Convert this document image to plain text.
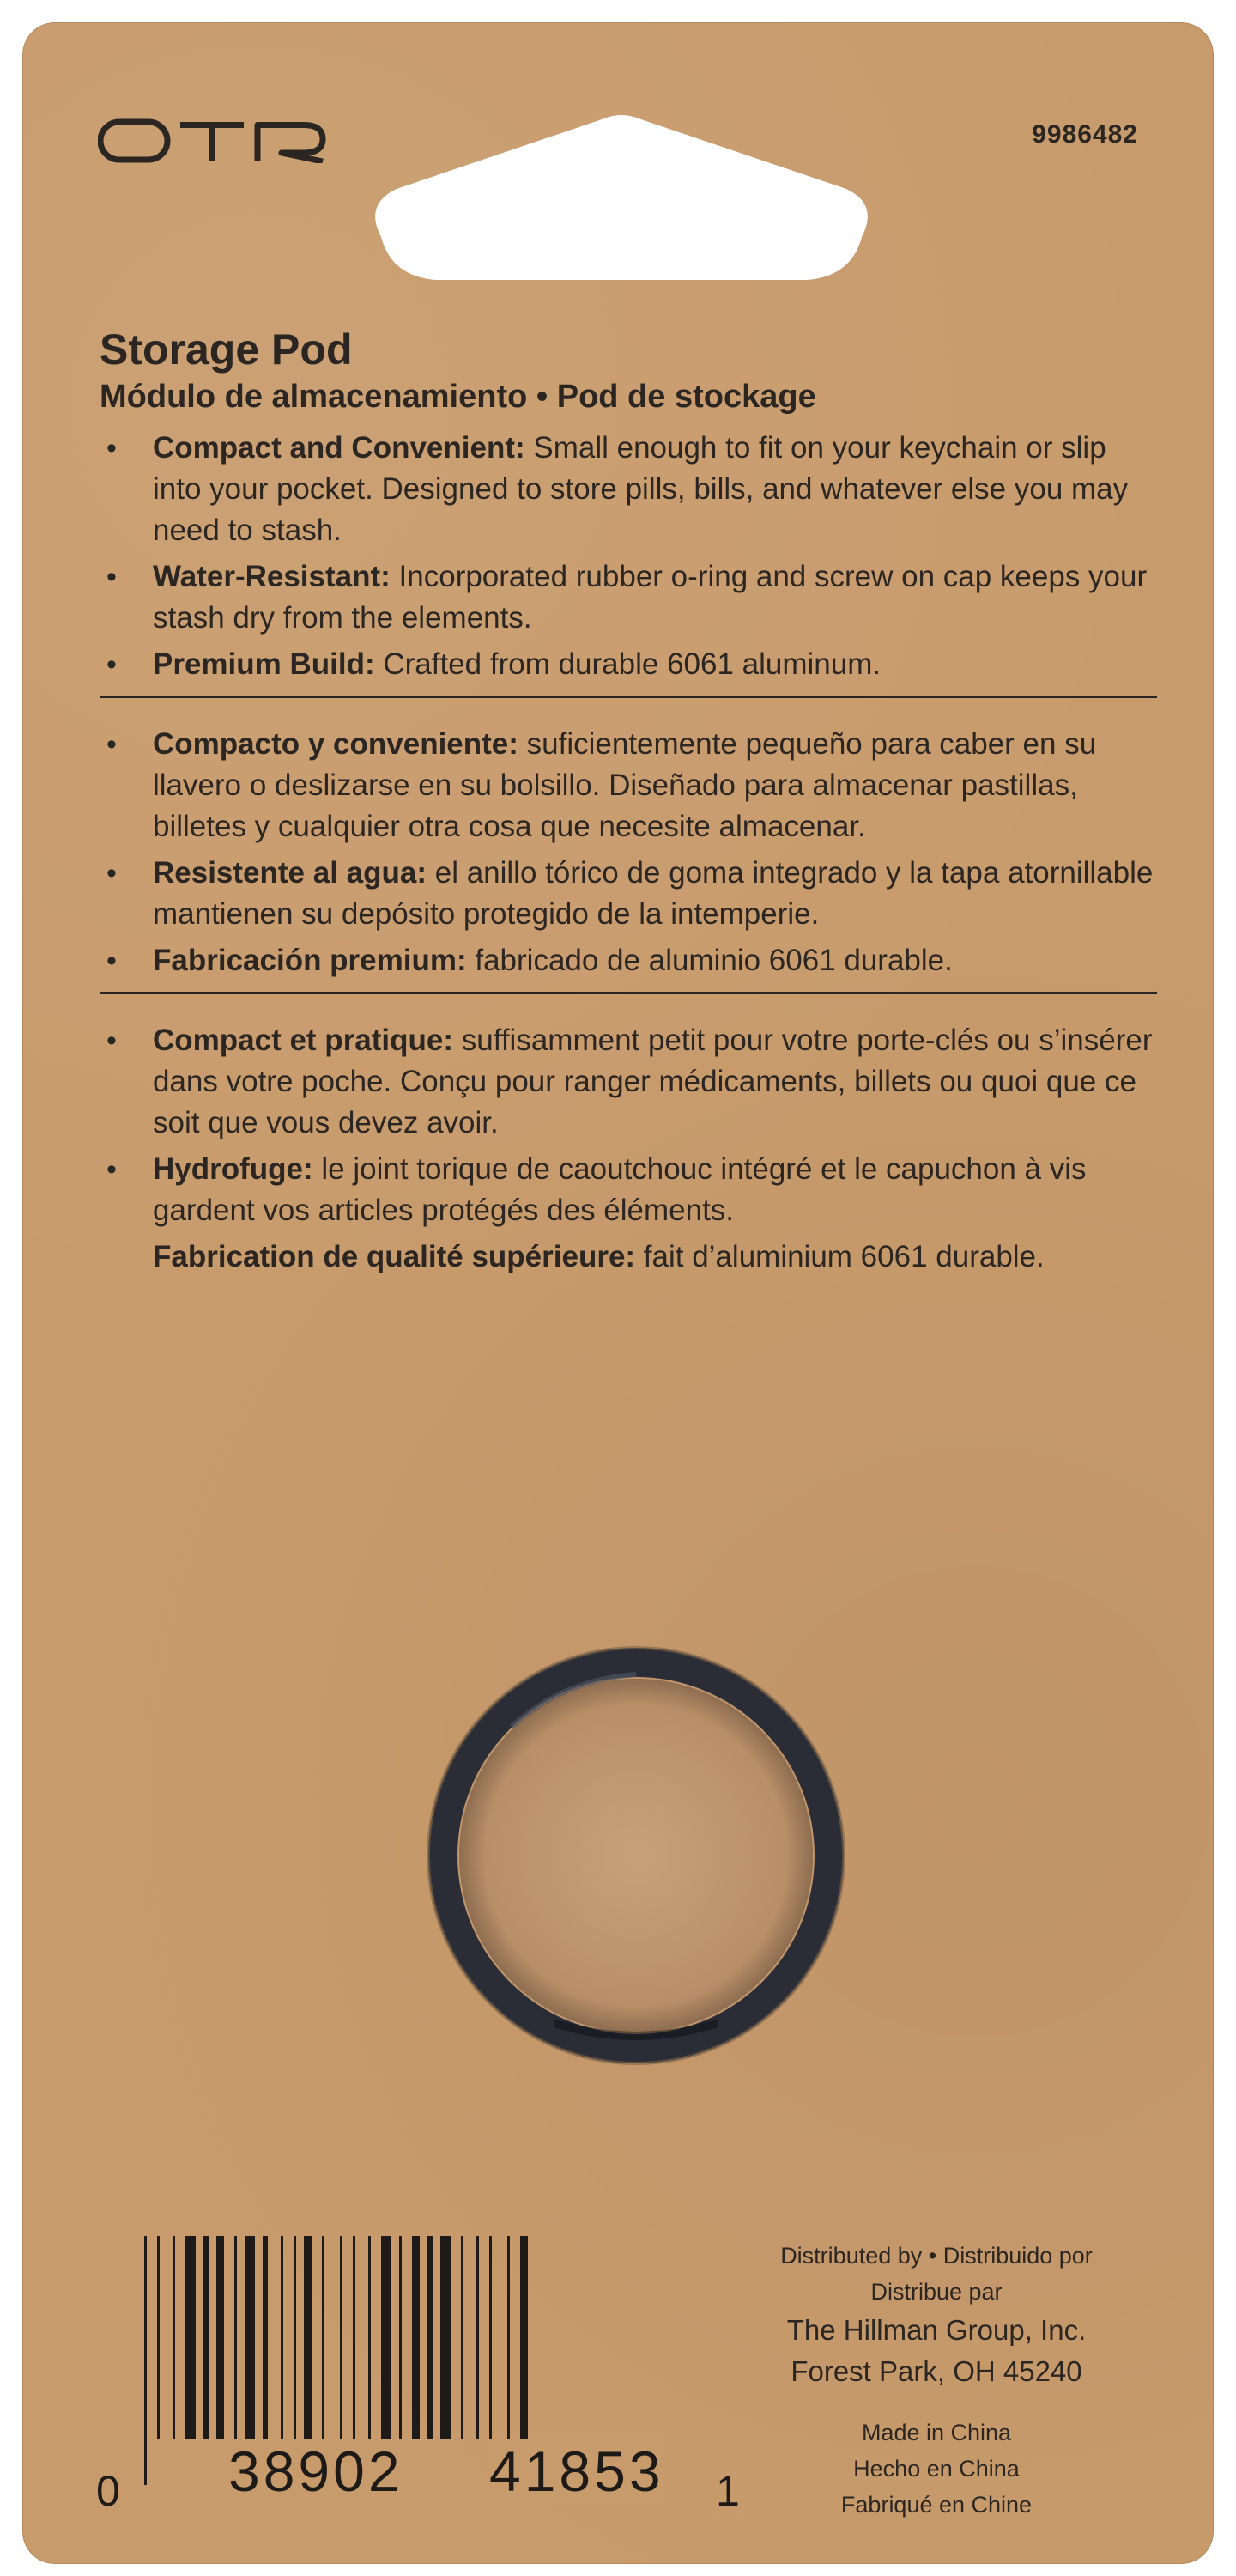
9986482
Storage Pod
Módulo de almacenamiento • Pod de stockage
• Compact and Convenient: Small enough to fit on your keychain or slip into your pocket. Designed to store pills, bills, and whatever else you may need to stash.
• Water-Resistant: Incorporated rubber o-ring and screw on cap keeps your stash dry from the elements.
• Premium Build: Crafted from durable 6061 aluminum.
• Compacto y conveniente: suficientemente pequeño para caber en su llavero o deslizarse en su bolsillo. Diseñado para almacenar pastillas, billetes y cualquier otra cosa que necesite almacenar.
• Resistente al agua: el anillo tórico de goma integrado y la tapa atornillable mantienen su depósito protegido de la intemperie.
• Fabricación premium: fabricado de aluminio 6061 durable.
• Compact et pratique: suffisamment petit pour votre porte-clés ou s’insérer dans votre poche. Conçu pour ranger médicaments, billets ou quoi que ce soit que vous devez avoir.
• Hydrofuge: le joint torique de caoutchouc intégré et le capuchon à vis gardent vos articles protégés des éléments.
Fabrication de qualité supérieure: fait d’aluminium 6061 durable.
0 38902 41853 1
Distributed by • Distribuido por
Distribue par
The Hillman Group, Inc.
Forest Park, OH 45240
Made in China
Hecho en China
Fabriqué en Chine
